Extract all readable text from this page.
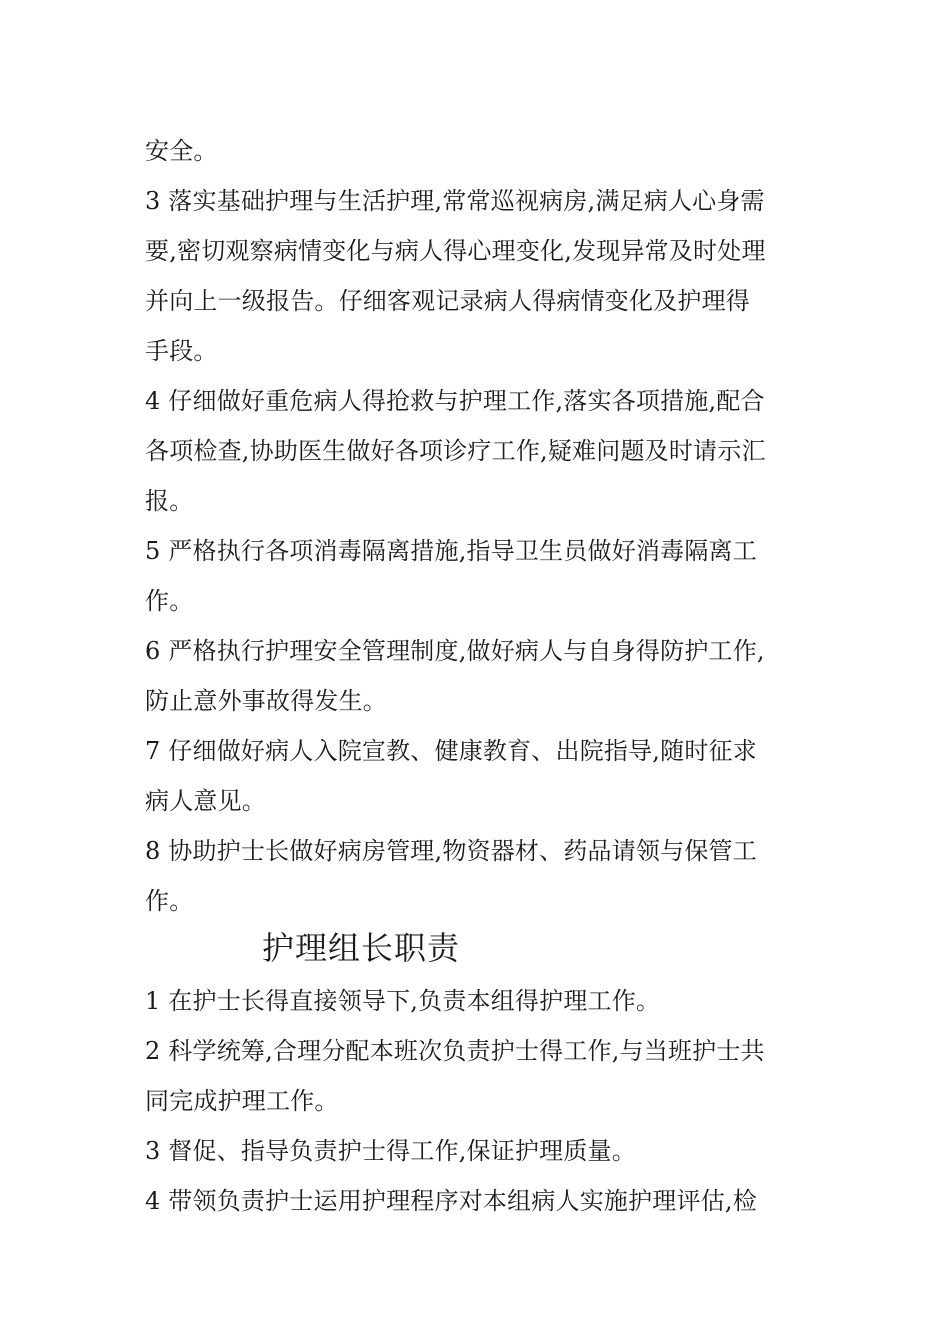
安全。
3 落实基础护理与生活护理,常常巡视病房,满足病人心身需
要,密切观察病情变化与病人得心理变化,发现异常及时处理
并向上一级报告。仔细客观记录病人得病情变化及护理得
手段。
4 仔细做好重危病人得抢救与护理工作,落实各项措施,配合
各项检查,协助医生做好各项诊疗工作,疑难问题及时请示汇
报。
5 严格执行各项消毒隔离措施,指导卫生员做好消毒隔离工
作。
6 严格执行护理安全管理制度,做好病人与自身得防护工作,
防止意外事故得发生。
7 仔细做好病人入院宣教、健康教育、出院指导,随时征求
病人意见。
8 协助护士长做好病房管理,物资器材、药品请领与保管工
作。
护理组长职责
1 在护士长得直接领导下,负责本组得护理工作。
2 科学统筹,合理分配本班次负责护士得工作,与当班护士共
同完成护理工作。
3 督促、指导负责护士得工作,保证护理质量。
4 带领负责护士运用护理程序对本组病人实施护理评估,检
